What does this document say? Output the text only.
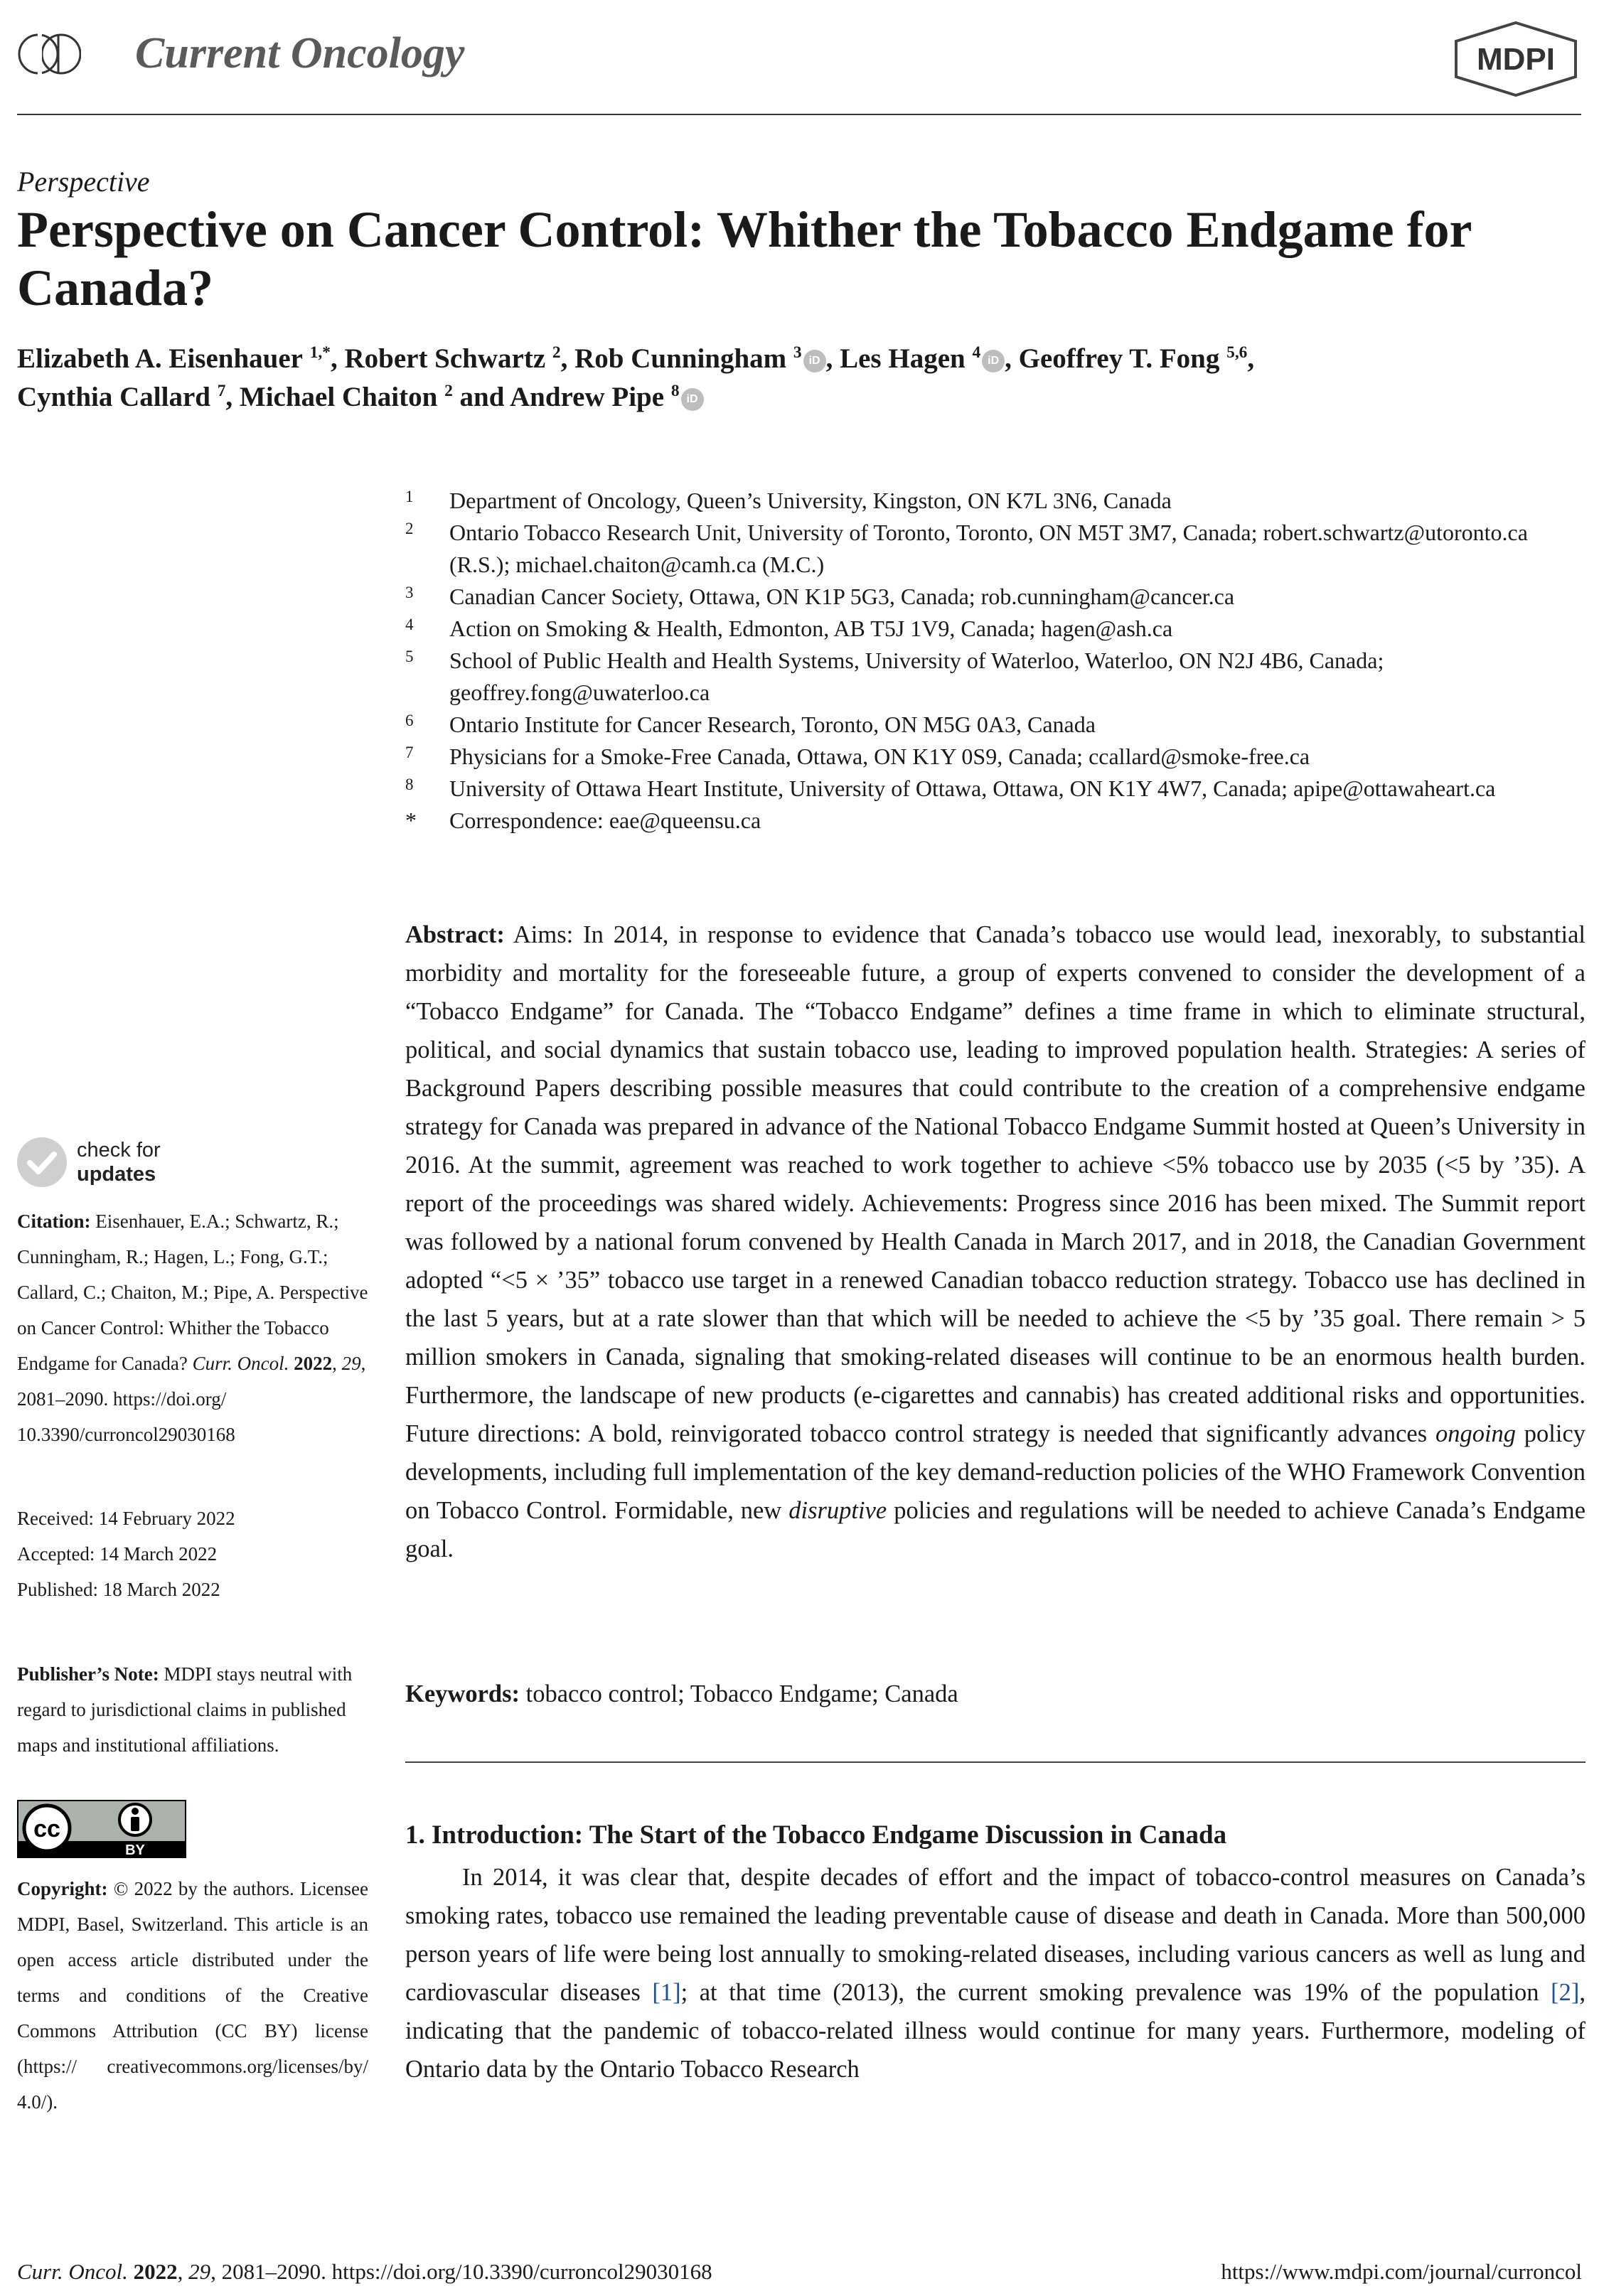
Current Oncology	MDPI
Perspective
Perspective on Cancer Control: Whither the Tobacco Endgame for Canada?
Elizabeth A. Eisenhauer $^{1,*}$, Robert Schwartz $^2$, Rob Cunningham $^3$ iD , Les Hagen $^4$ iD , Geoffrey T. Fong $^{5,6}$,
Cynthia Callard $^7$, Michael Chaiton $^2$ and Andrew Pipe $^8$ iD
1 Department of Oncology, Queen’s University, Kingston, ON K7L 3N6, Canada
2 Ontario Tobacco Research Unit, University of Toronto, Toronto, ON M5T 3M7, Canada; robert.schwartz@utoronto.ca (R.S.); michael.chaiton@camh.ca (M.C.)
3 Canadian Cancer Society, Ottawa, ON K1P 5G3, Canada; rob.cunningham@cancer.ca
4 Action on Smoking & Health, Edmonton, AB T5J 1V9, Canada; hagen@ash.ca
5 School of Public Health and Health Systems, University of Waterloo, Waterloo, ON N2J 4B6, Canada; geoffrey.fong@uwaterloo.ca
6 Ontario Institute for Cancer Research, Toronto, ON M5G 0A3, Canada
7 Physicians for a Smoke-Free Canada, Ottawa, ON K1Y 0S9, Canada; ccallard@smoke-free.ca
8 University of Ottawa Heart Institute, University of Ottawa, Ottawa, ON K1Y 4W7, Canada; apipe@ottawaheart.ca
* Correspondence: eae@queensu.ca
Abstract: Aims: In 2014, in response to evidence that Canada’s tobacco use would lead, inexorably, to substantial morbidity and mortality for the foreseeable future, a group of experts convened to consider the development of a “Tobacco Endgame” for Canada. The “Tobacco Endgame” defines a time frame in which to eliminate structural, political, and social dynamics that sustain tobacco use, leading to improved population health. Strategies: A series of Background Papers describing possible measures that could contribute to the creation of a comprehensive endgame strategy for Canada was prepared in advance of the National Tobacco Endgame Summit hosted at Queen’s University in 2016. At the summit, agreement was reached to work together to achieve <5% tobacco use by 2035 (<5 by ’35). A report of the proceedings was shared widely. Achievements: Progress since 2016 has been mixed. The Summit report was followed by a national forum convened by Health Canada in March 2017, and in 2018, the Canadian Government adopted “<5 × ’35” tobacco use target in a renewed Canadian tobacco reduction strategy. Tobacco use has declined in the last 5 years, but at a rate slower than that which will be needed to achieve the <5 by ’35 goal. There remain > 5 million smokers in Canada, signaling that smoking-related diseases will continue to be an enormous health burden. Furthermore, the landscape of new products (e-cigarettes and cannabis) has created additional risks and opportunities. Future directions: A bold, reinvigorated tobacco control strategy is needed that significantly advances ongoing policy developments, including full implementation of the key demand-reduction policies of the WHO Framework Convention on Tobacco Control. Formidable, new disruptive policies and regulations will be needed to achieve Canada’s Endgame goal.
Keywords: tobacco control; Tobacco Endgame; Canada
1. Introduction: The Start of the Tobacco Endgame Discussion in Canada
In 2014, it was clear that, despite decades of effort and the impact of tobacco-control measures on Canada’s smoking rates, tobacco use remained the leading preventable cause of disease and death in Canada. More than 500,000 person years of life were being lost annually to smoking-related diseases, including various cancers as well as lung and cardiovascular diseases [1]; at that time (2013), the current smoking prevalence was 19% of the population [2], indicating that the pandemic of tobacco-related illness would continue for many years. Furthermore, modeling of Ontario data by the Ontario Tobacco Research
check for
updates
Citation: Eisenhauer, E.A.; Schwartz, R.; Cunningham, R.; Hagen, L.; Fong, G.T.; Callard, C.; Chaiton, M.; Pipe, A. Perspective on Cancer Control: Whither the Tobacco Endgame for Canada? Curr. Oncol. 2022, 29, 2081–2090. https://doi.org/ 10.3390/curroncol29030168
Received: 14 February 2022
Accepted: 14 March 2022
Published: 18 March 2022
Publisher’s Note: MDPI stays neutral with regard to jurisdictional claims in published maps and institutional affiliations.
cc
BY
Copyright: © 2022 by the authors. Licensee MDPI, Basel, Switzerland. This article is an open access article distributed under the terms and conditions of the Creative Commons Attribution (CC BY) license (https:// creativecommons.org/licenses/by/ 4.0/).
Curr. Oncol. 2022, 29, 2081–2090. https://doi.org/10.3390/curroncol29030168	https://www.mdpi.com/journal/curroncol
